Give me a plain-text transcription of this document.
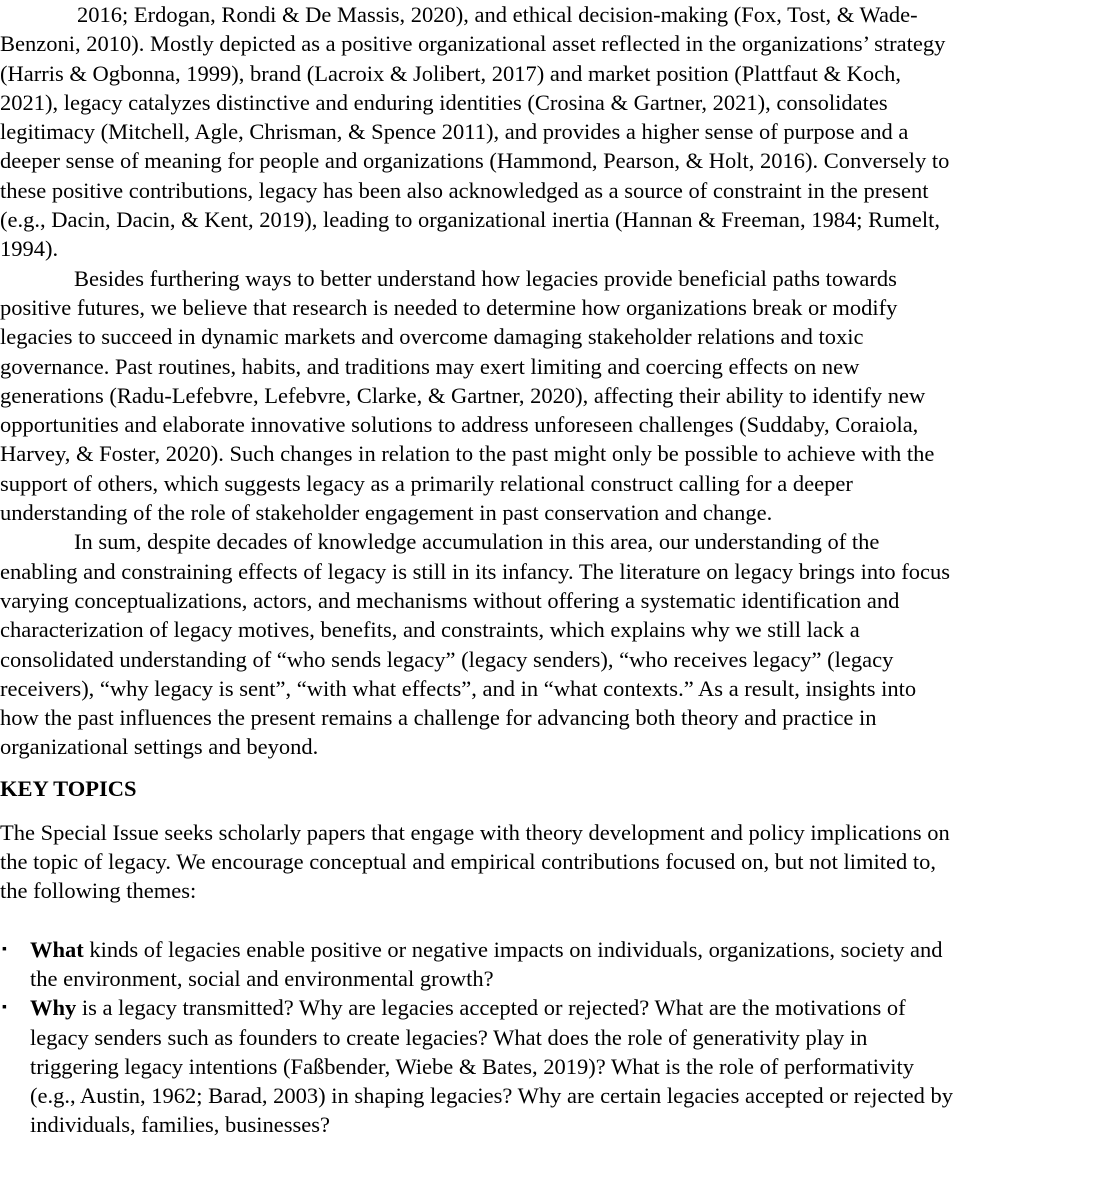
2016; Erdogan, Rondi & De Massis, 2020), and ethical decision-making (Fox, Tost, & Wade-Benzoni, 2010). Mostly depicted as a positive organizational asset reflected in the organizations’ strategy (Harris & Ogbonna, 1999), brand (Lacroix & Jolibert, 2017) and market position (Plattfaut & Koch, 2021), legacy catalyzes distinctive and enduring identities (Crosina & Gartner, 2021), consolidates legitimacy (Mitchell, Agle, Chrisman, & Spence 2011), and provides a higher sense of purpose and a deeper sense of meaning for people and organizations (Hammond, Pearson, & Holt, 2016). Conversely to these positive contributions, legacy has been also acknowledged as a source of constraint in the present (e.g., Dacin, Dacin, & Kent, 2019), leading to organizational inertia (Hannan & Freeman, 1984; Rumelt, 1994).

Besides furthering ways to better understand how legacies provide beneficial paths towards positive futures, we believe that research is needed to determine how organizations break or modify legacies to succeed in dynamic markets and overcome damaging stakeholder relations and toxic governance. Past routines, habits, and traditions may exert limiting and coercing effects on new generations (Radu-Lefebvre, Lefebvre, Clarke, & Gartner, 2020), affecting their ability to identify new opportunities and elaborate innovative solutions to address unforeseen challenges (Suddaby, Coraiola, Harvey, & Foster, 2020). Such changes in relation to the past might only be possible to achieve with the support of others, which suggests legacy as a primarily relational construct calling for a deeper understanding of the role of stakeholder engagement in past conservation and change.

In sum, despite decades of knowledge accumulation in this area, our understanding of the enabling and constraining effects of legacy is still in its infancy. The literature on legacy brings into focus varying conceptualizations, actors, and mechanisms without offering a systematic identification and characterization of legacy motives, benefits, and constraints, which explains why we still lack a consolidated understanding of “who sends legacy” (legacy senders), “who receives legacy” (legacy receivers), “why legacy is sent”, “with what effects”, and in “what contexts.” As a result, insights into how the past influences the present remains a challenge for advancing both theory and practice in organizational settings and beyond.

KEY TOPICS

The Special Issue seeks scholarly papers that engage with theory development and policy implications on the topic of legacy. We encourage conceptual and empirical contributions focused on, but not limited to, the following themes:

▪ What kinds of legacies enable positive or negative impacts on individuals, organizations, society and the environment, social and environmental growth?
▪ Why is a legacy transmitted? Why are legacies accepted or rejected? What are the motivations of legacy senders such as founders to create legacies? What does the role of generativity play in triggering legacy intentions (Faßbender, Wiebe & Bates, 2019)? What is the role of performativity (e.g., Austin, 1962; Barad, 2003) in shaping legacies? Why are certain legacies accepted or rejected by individuals, families, businesses?
